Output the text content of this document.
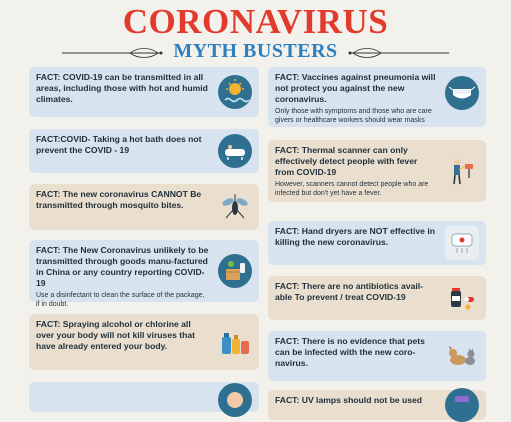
CORONAVIRUS
MYTH BUSTERS

FACT: COVID-19 can be transmitted in all areas, including those with hot and humid climates.

FACT:COVID- Taking a hot bath does not prevent the COVID - 19

FACT: The new coronavirus CANNOT Be transmitted through mosquito bites.

FACT: The New Coronavirus unlikely to be transmitted through goods manu-factured in China or any country reporting COVID-19

Use a disinfectant to clean the surface of the package, if in doubt.

FACT: Spraying alcohol or chlorine all over your body will not kill viruses that have already entered your body.

FACT: Vaccines against pneumonia will not protect you against the new coronavirus.

Only those with symptoms and those who are care givers or healthcare workers should wear masks

FACT: Thermal scanner can only effectively detect people with fever from COVID-19

However, scanners cannot detect people who are infected but don't yet have a fever.

FACT: Hand dryers are NOT effective in killing the new coronavirus.

FACT: There are no antibiotics avail-able To prevent / treat COVID-19

FACT: There is no evidence that pets can be infected with the new coro-navirus.

FACT: UV lamps should not be used
